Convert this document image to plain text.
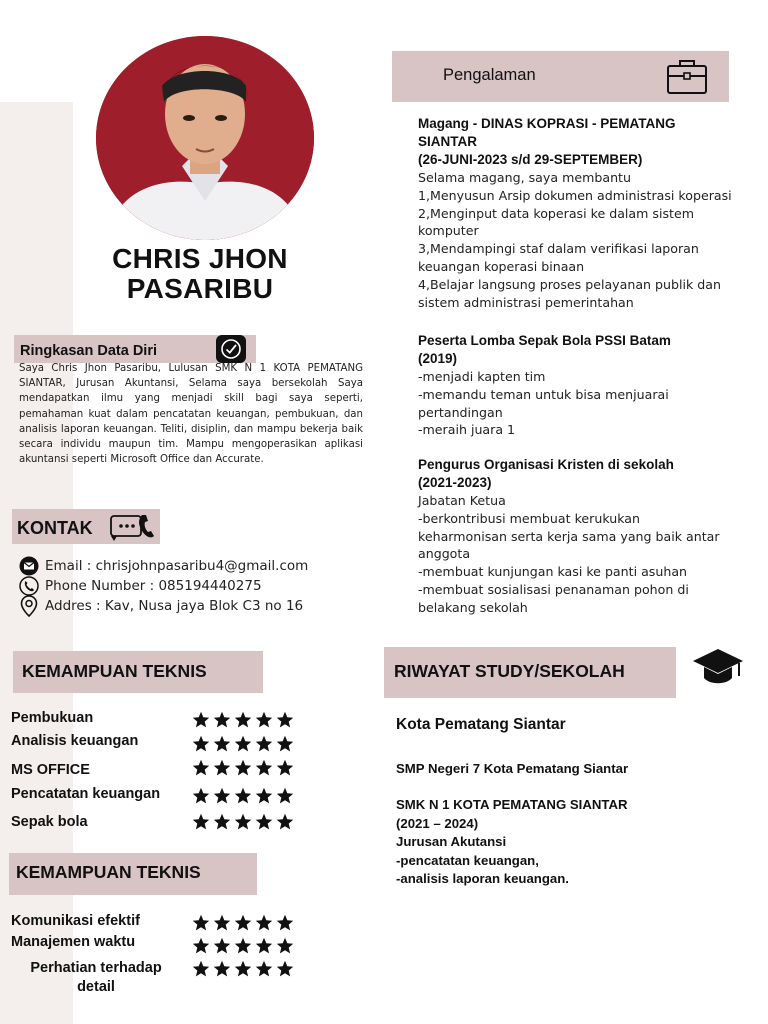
CHRIS JHON
PASARIBU
Ringkasan Data Diri
Saya Chris Jhon Pasaribu, Lulusan SMK N 1 KOTA PEMATANG SIANTAR, Jurusan Akuntansi, Selama saya bersekolah Saya mendapatkan ilmu yang menjadi skill bagi saya seperti, pemahaman kuat dalam pencatatan keuangan, pembukuan, dan analisis laporan keuangan. Teliti, disiplin, dan mampu bekerja baik secara individu maupun tim. Mampu mengoperasikan aplikasi akuntansi seperti Microsoft Office dan Accurate.
KONTAK
Email : chrisjohnpasaribu4@gmail.com
Phone Number : 085194440275
Addres : Kav, Nusa jaya Blok C3 no 16
KEMAMPUAN TEKNIS
Pembukuan
Analisis keuangan
MS OFFICE
Pencatatan keuangan
Sepak bola
KEMAMPUAN TEKNIS
Komunikasi efektif
Manajemen waktu
Perhatian terhadap
detail
Pengalaman
Magang - DINAS KOPRASI - PEMATANG
SIANTAR
(26-JUNI-2023 s/d 29-SEPTEMBER)
Selama magang, saya membantu
1,Menyusun Arsip dokumen administrasi koperasi
2,Menginput data koperasi ke dalam sistem
komputer
3,Mendampingi staf dalam verifikasi laporan
keuangan koperasi binaan
4,Belajar langsung proses pelayanan publik dan
sistem administrasi pemerintahan
Peserta Lomba Sepak Bola PSSI Batam
(2019)
-menjadi kapten tim
-memandu teman untuk bisa menjuarai
pertandingan
-meraih juara 1
Pengurus Organisasi Kristen di sekolah
(2021-2023)
Jabatan Ketua
-berkontribusi membuat kerukukan
keharmonisan serta kerja sama yang baik antar
anggota
-membuat kunjungan kasi ke panti asuhan
-membuat sosialisasi penanaman pohon di
belakang sekolah
RIWAYAT STUDY/SEKOLAH
Kota Pematang Siantar
SMP Negeri 7 Kota Pematang Siantar
SMK N 1 KOTA PEMATANG SIANTAR
(2021 – 2024)
Jurusan Akutansi
-pencatatan keuangan,
-analisis laporan keuangan.
